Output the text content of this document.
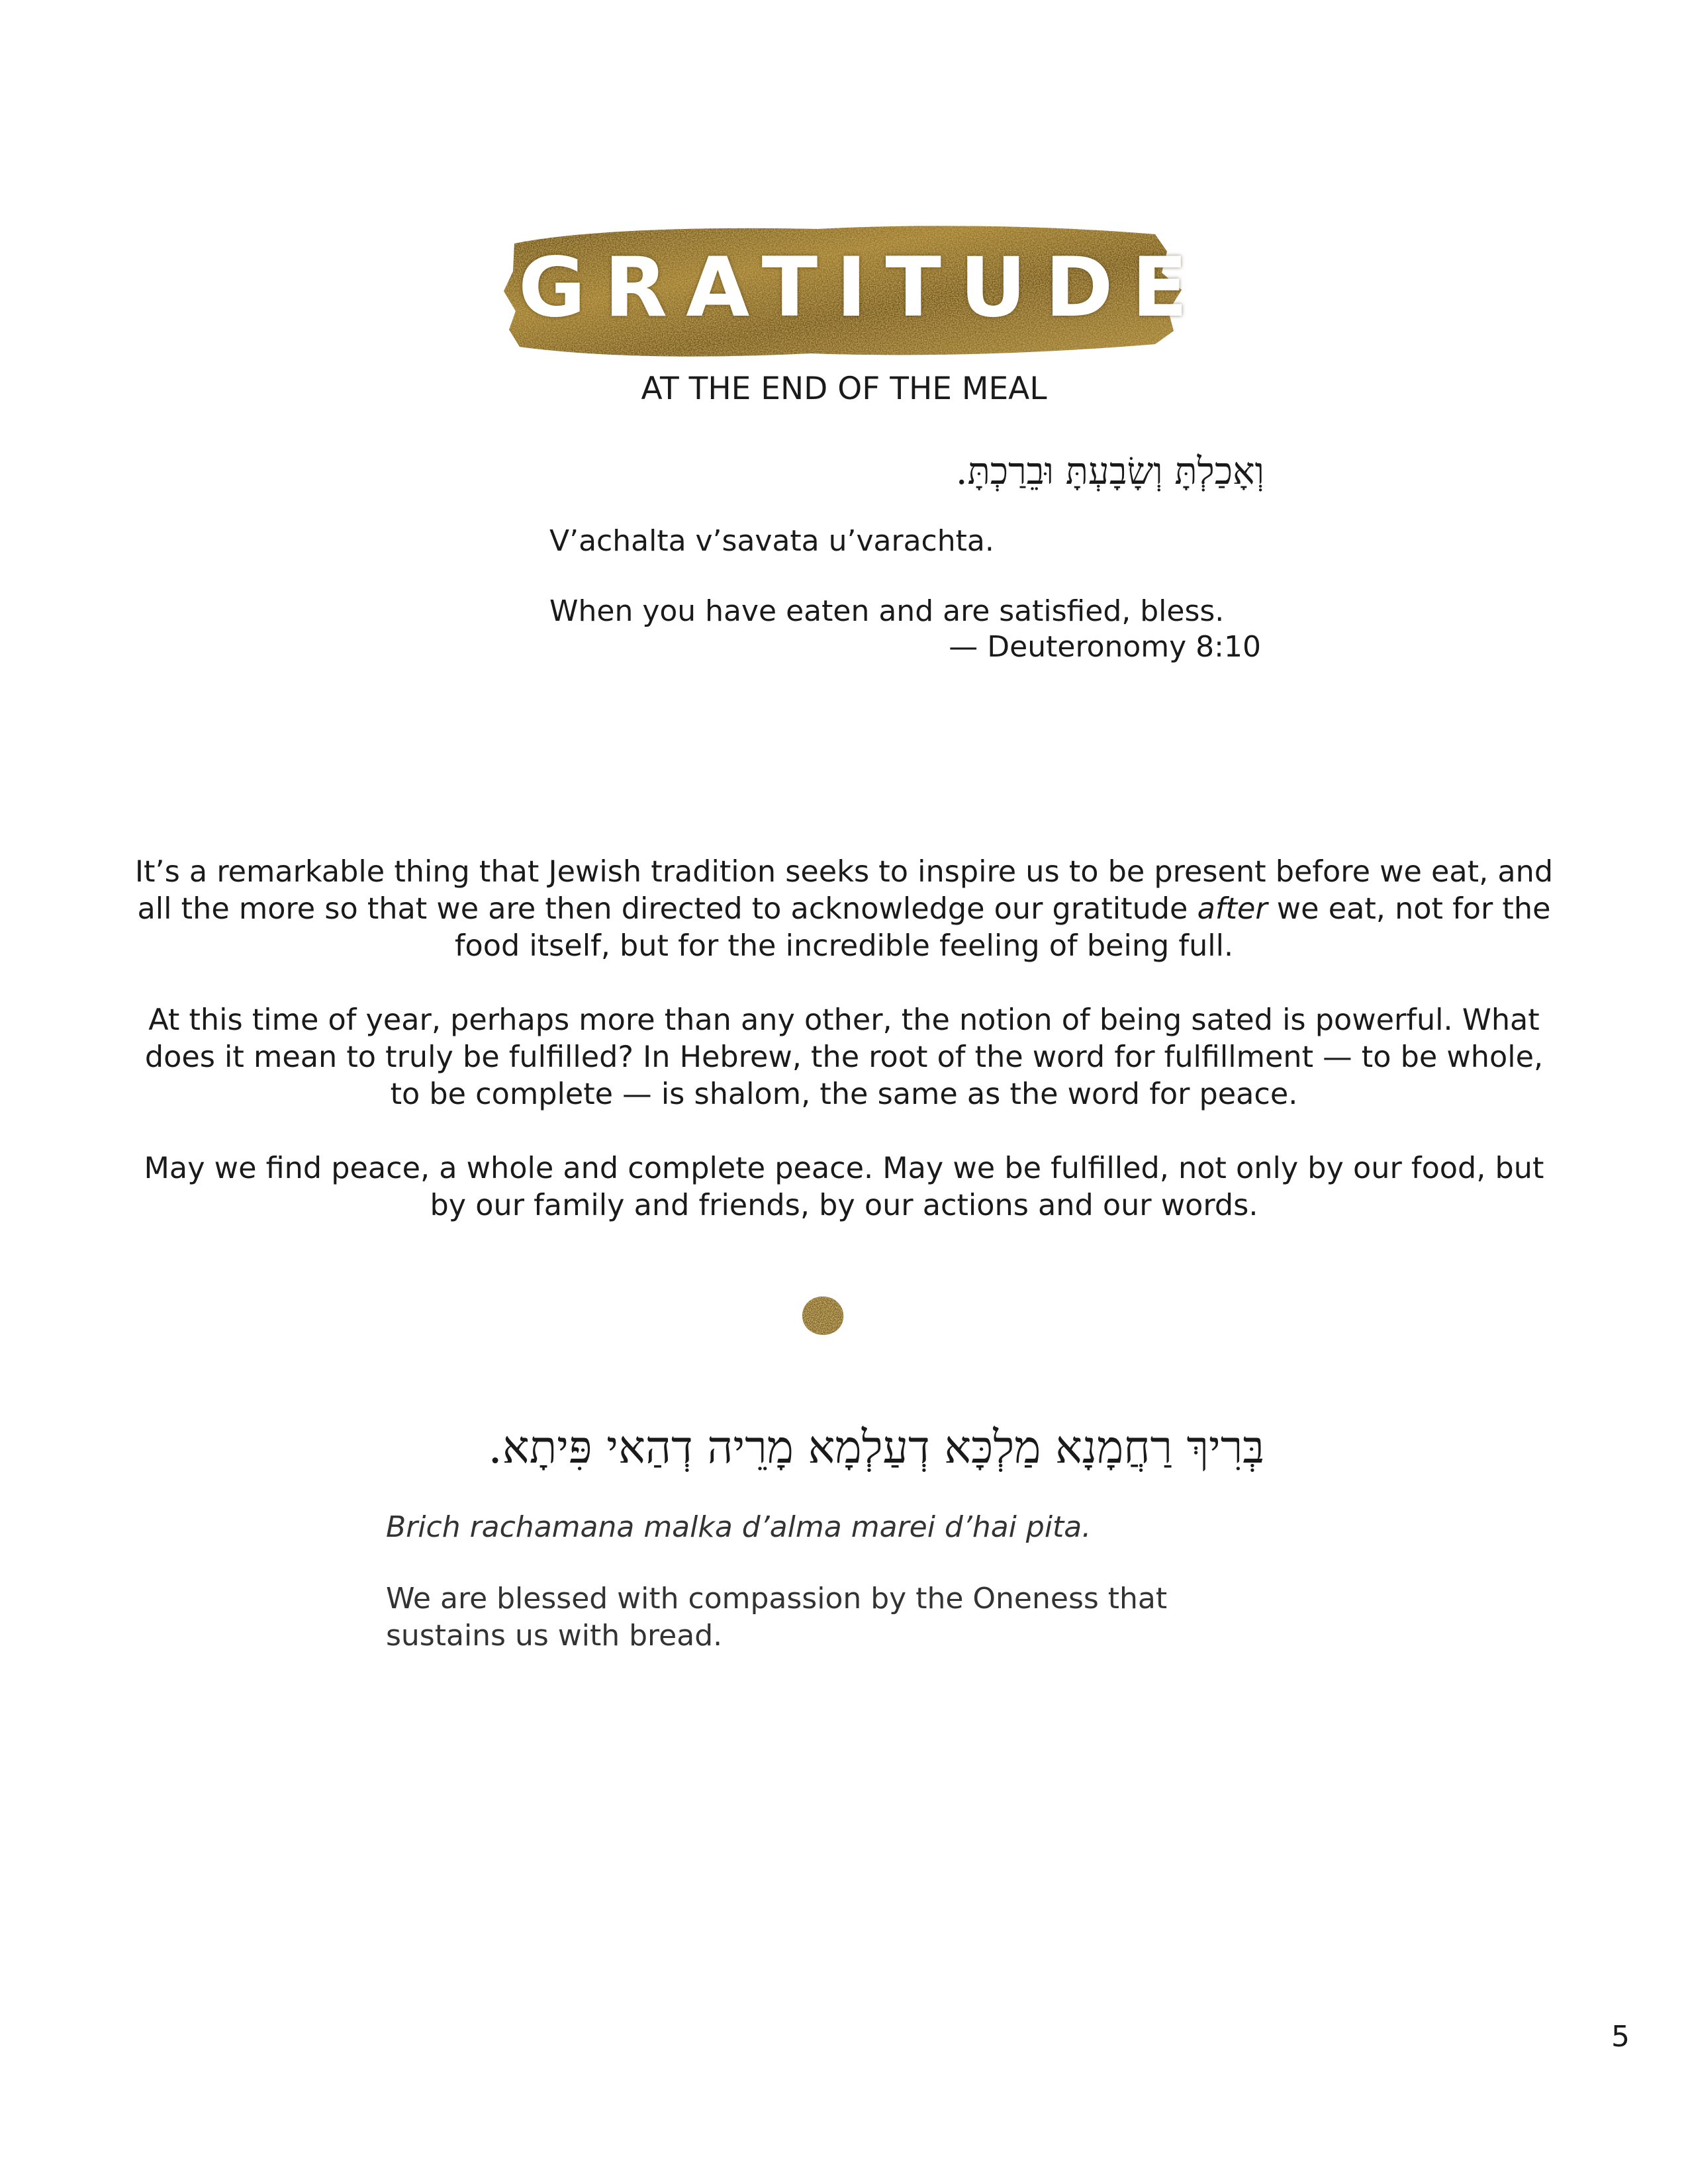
GRATITUDE
AT THE END OF THE MEAL
וְאָכַלְתָּ וְשָׂבָעְתָּ וּבֵרַכְתָּ.
V’achalta v’savata u’varachta.
When you have eaten and are satisfied, bless.
— Deuteronomy 8:10

It’s a remarkable thing that Jewish tradition seeks to inspire us to be present before we eat, and all the more so that we are then directed to acknowledge our gratitude after we eat, not for the food itself, but for the incredible feeling of being full.

At this time of year, perhaps more than any other, the notion of being sated is powerful. What does it mean to truly be fulfilled? In Hebrew, the root of the word for fulfillment — to be whole, to be complete — is shalom, the same as the word for peace.

May we find peace, a whole and complete peace. May we be fulfilled, not only by our food, but by our family and friends, by our actions and our words.

בְּרִיךְ רַחֲמָנָא מַלְכָּא דְעַלְמָא מָרֵיה דְהַאי פִּיתָא.
Brich rachamana malka d’alma marei d’hai pita.
We are blessed with compassion by the Oneness that sustains us with bread.
5
